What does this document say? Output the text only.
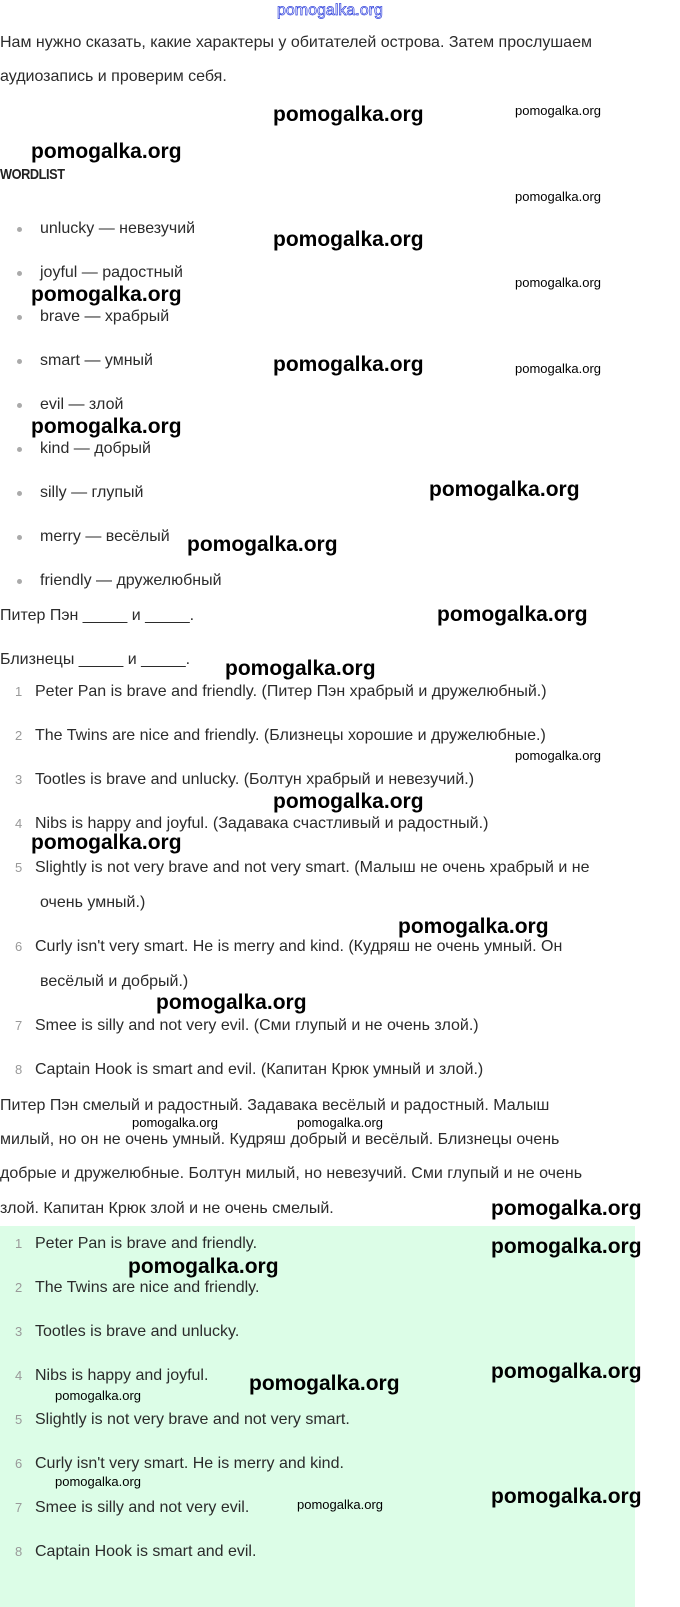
Нам нужно сказать, какие характеры у обитателей острова. Затем прослушаем
аудиозапись и проверим себя.
WORDLIST
unlucky — невезучий
joyful — радостный
brave — храбрый
smart — умный
evil — злой
kind — добрый
silly — глупый
merry — весёлый
friendly — дружелюбный
Питер Пэн _____ и _____.
Близнецы _____ и _____.
1 Peter Pan is brave and friendly. (Питер Пэн храбрый и дружелюбный.)
2 The Twins are nice and friendly. (Близнецы хорошие и дружелюбные.)
3 Tootles is brave and unlucky. (Болтун храбрый и невезучий.)
4 Nibs is happy and joyful. (Задавака счастливый и радостный.)
5 Slightly is not very brave and not very smart. (Малыш не очень храбрый и не
очень умный.)
6 Curly isn't very smart. He is merry and kind. (Кудряш не очень умный. Он
весёлый и добрый.)
7 Smee is silly and not very evil. (Сми глупый и не очень злой.)
8 Captain Hook is smart and evil. (Капитан Крюк умный и злой.)
Питер Пэн смелый и радостный. Задавака весёлый и радостный. Малыш
милый, но он не очень умный. Кудряш добрый и весёлый. Близнецы очень
добрые и дружелюбные. Болтун милый, но невезучий. Сми глупый и не очень
злой. Капитан Крюк злой и не очень смелый.
1 Peter Pan is brave and friendly.
2 The Twins are nice and friendly.
3 Tootles is brave and unlucky.
4 Nibs is happy and joyful.
5 Slightly is not very brave and not very smart.
6 Curly isn't very smart. He is merry and kind.
7 Smee is silly and not very evil.
8 Captain Hook is smart and evil.
pomogalka.org
pomogalka.org	pomogalka.org
pomogalka.org
pomogalka.org
pomogalka.org
pomogalka.org
pomogalka.org
pomogalka.org	pomogalka.org
pomogalka.org
pomogalka.org
pomogalka.org
pomogalka.org
pomogalka.org
pomogalka.org
pomogalka.org
pomogalka.org
pomogalka.org
pomogalka.org
pomogalka.org	pomogalka.org
pomogalka.org
pomogalka.org
pomogalka.org
pomogalka.org
pomogalka.org
pomogalka.org
pomogalka.org
pomogalka.org	pomogalka.org
